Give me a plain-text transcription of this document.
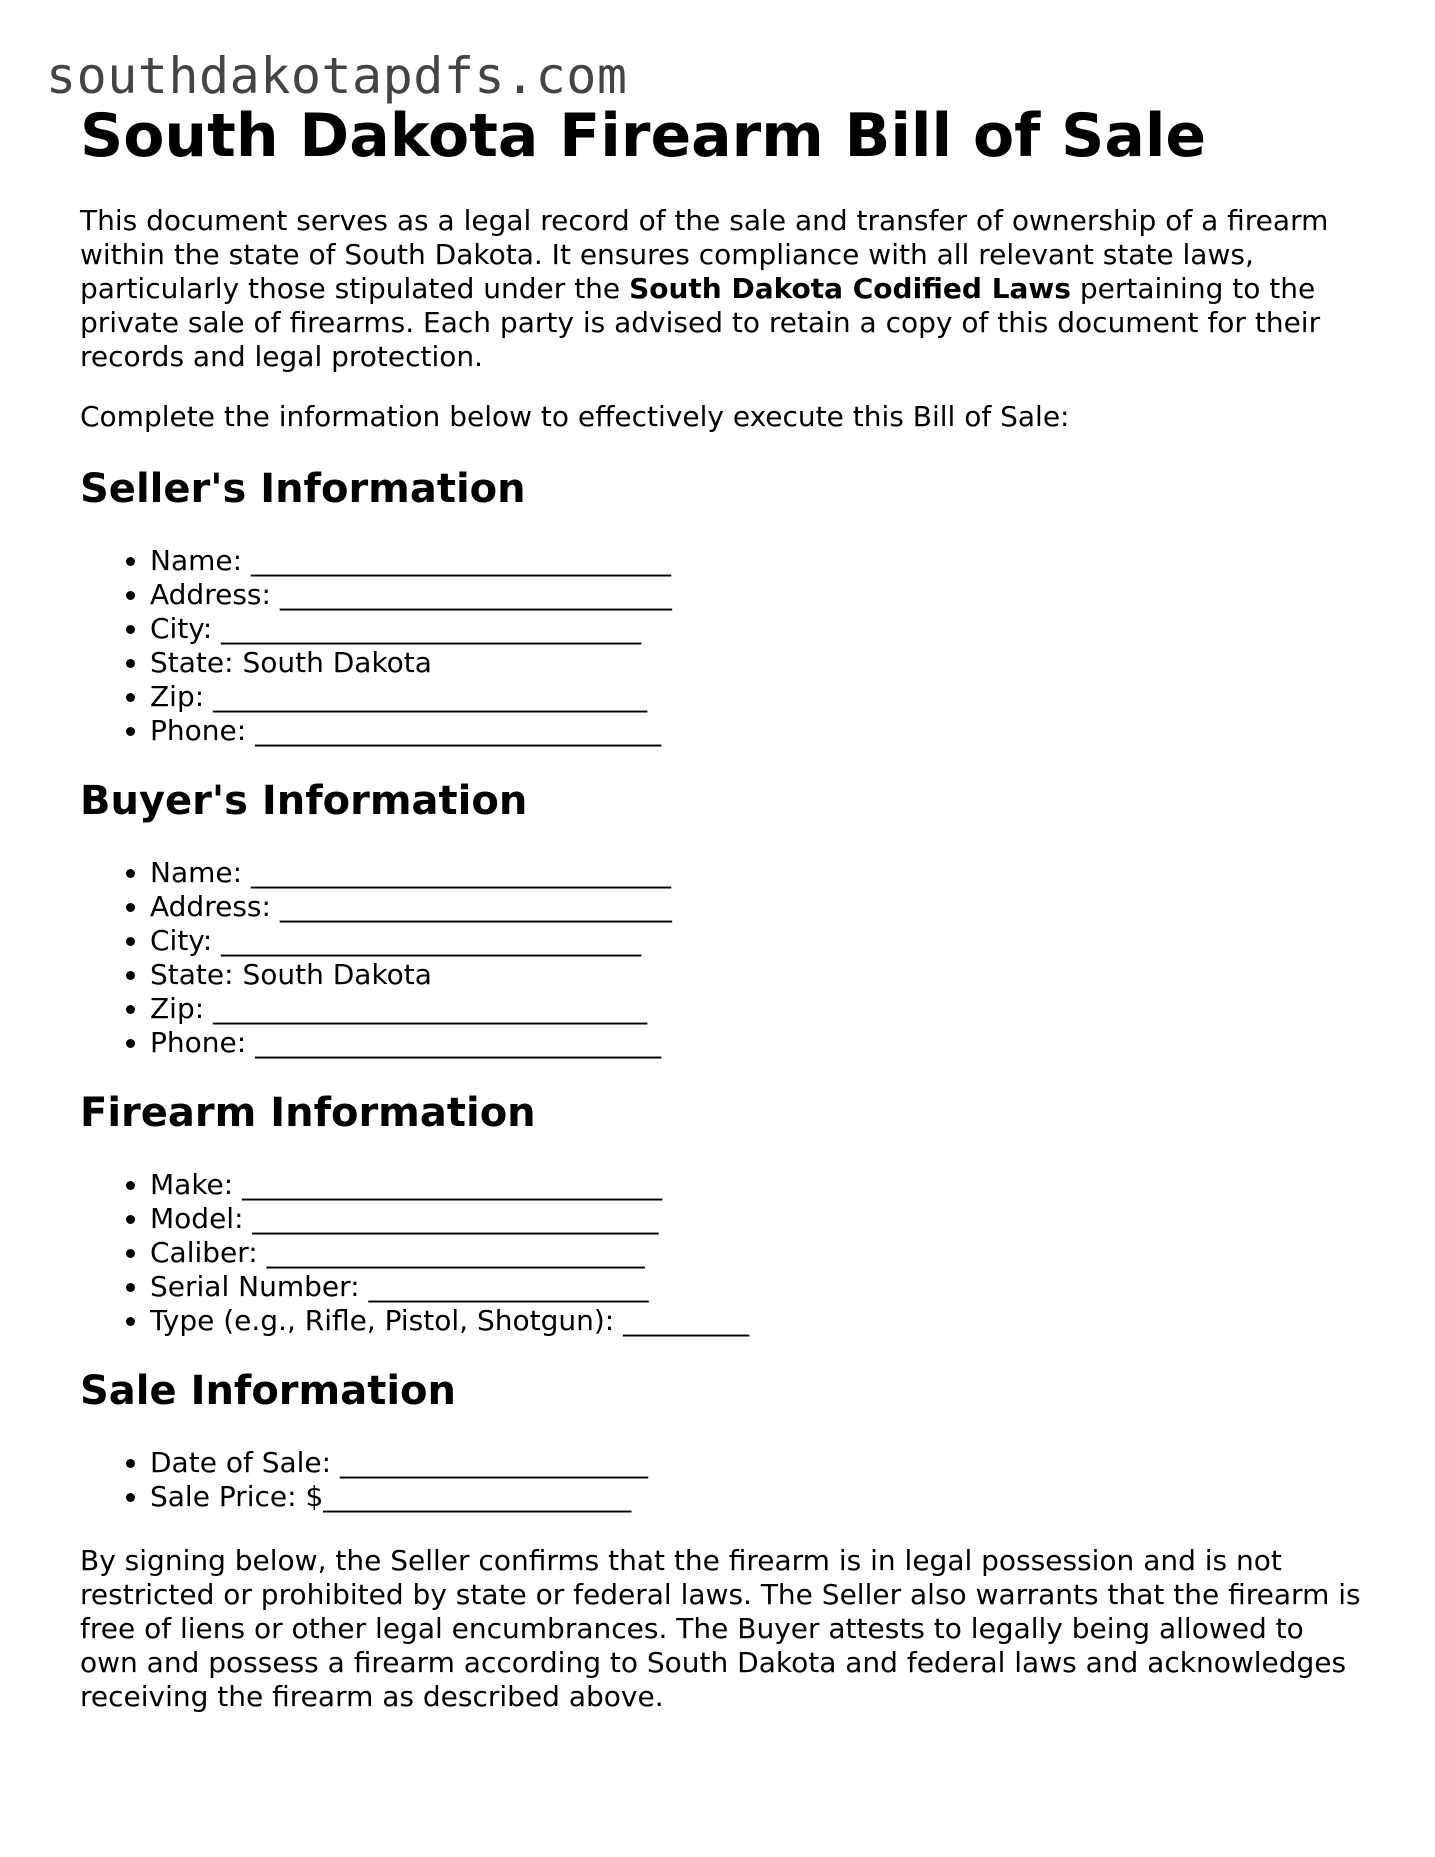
southdakotapdfs.com
South Dakota Firearm Bill of Sale

This document serves as a legal record of the sale and transfer of ownership of a firearm within the state of South Dakota. It ensures compliance with all relevant state laws, particularly those stipulated under the South Dakota Codified Laws pertaining to the private sale of firearms. Each party is advised to retain a copy of this document for their records and legal protection.

Complete the information below to effectively execute this Bill of Sale:

Seller's Information
• Name: ______________________________
• Address: ____________________________
• City: ______________________________
• State: South Dakota
• Zip: _______________________________
• Phone: _____________________________
Buyer's Information
• Name: ______________________________
• Address: ____________________________
• City: ______________________________
• State: South Dakota
• Zip: _______________________________
• Phone: _____________________________
Firearm Information
• Make: ______________________________
• Model: _____________________________
• Caliber: ___________________________
• Serial Number: ____________________
• Type (e.g., Rifle, Pistol, Shotgun): _________
Sale Information
• Date of Sale: ______________________
• Sale Price: $______________________

By signing below, the Seller confirms that the firearm is in legal possession and is not restricted or prohibited by state or federal laws. The Seller also warrants that the firearm is free of liens or other legal encumbrances. The Buyer attests to legally being allowed to own and possess a firearm according to South Dakota and federal laws and acknowledges receiving the firearm as described above.
